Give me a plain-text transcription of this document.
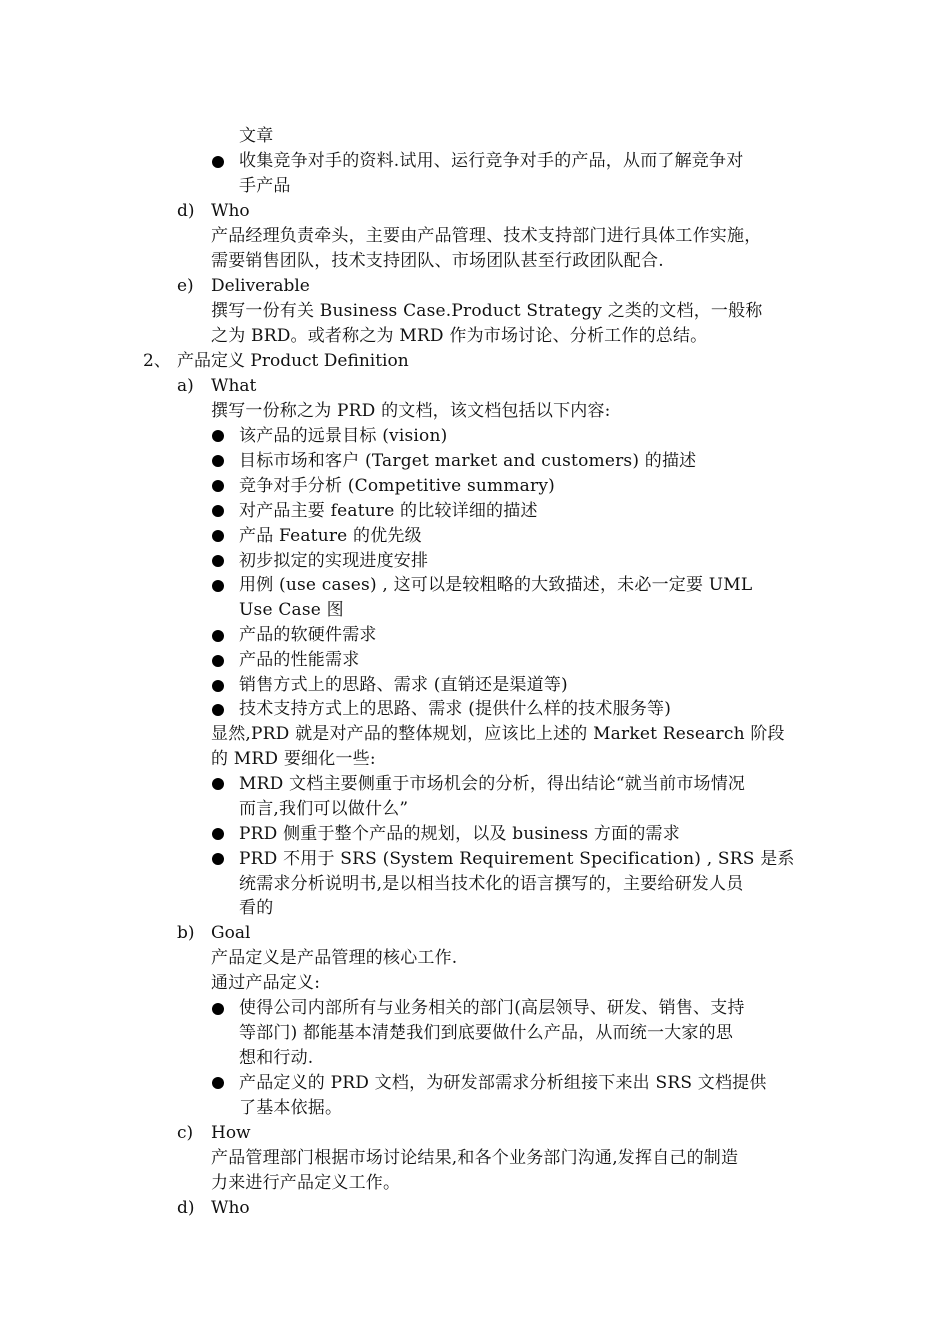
文章
收集竞争对手的资料.试用、运行竞争对手的产品，从而了解竞争对
手产品
d) Who
产品经理负责牵头，主要由产品管理、技术支持部门进行具体工作实施，
需要销售团队，技术支持团队、市场团队甚至行政团队配合.
e) Deliverable
撰写一份有关 Business Case.Product Strategy 之类的文档，一般称
之为 BRD。或者称之为 MRD 作为市场讨论、分析工作的总结。
2、 产品定义 Product Definition
a) What
撰写一份称之为 PRD 的文档，该文档包括以下内容:
该产品的远景目标 (vision)
目标市场和客户 (Target market and customers) 的描述
竞争对手分析 (Competitive summary)
对产品主要 feature 的比较详细的描述
产品 Feature 的优先级
初步拟定的实现进度安排
用例 (use cases) , 这可以是较粗略的大致描述，未必一定要 UML
Use Case 图
产品的软硬件需求
产品的性能需求
销售方式上的思路、需求 (直销还是渠道等)
技术支持方式上的思路、需求 (提供什么样的技术服务等)
显然,PRD 就是对产品的整体规划，应该比上述的 Market Research 阶段
的 MRD 要细化一些:
MRD 文档主要侧重于市场机会的分析，得出结论“就当前市场情况
而言,我们可以做什么”
PRD 侧重于整个产品的规划，以及 business 方面的需求
PRD 不用于 SRS (System Requirement Specification) , SRS 是系
统需求分析说明书,是以相当技术化的语言撰写的，主要给研发人员
看的
b) Goal
产品定义是产品管理的核心工作.
通过产品定义:
使得公司内部所有与业务相关的部门(高层领导、研发、销售、支持
等部门) 都能基本清楚我们到底要做什么产品，从而统一大家的思
想和行动.
产品定义的 PRD 文档，为研发部需求分析组接下来出 SRS 文档提供
了基本依据。
c) How
产品管理部门根据市场讨论结果,和各个业务部门沟通,发挥自己的制造
力来进行产品定义工作。
d) Who
